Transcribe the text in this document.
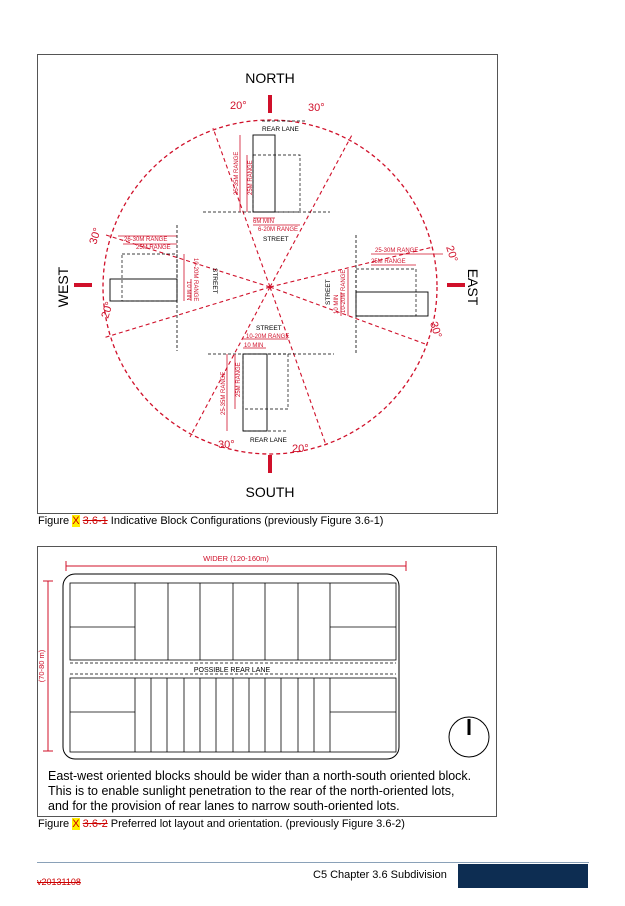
NORTH
SOUTH
WEST	EAST
20°	30°
30°
20°
20°
30°
30°	20°
REAR LANE
25-35M RANGE 25M RANGE
6M MIN
6-20M RANGE
STREET
26-30M RANGE
25M RANGE
10-20M RANGE
10 MIN	STREET
25-30M RANGE
25M RANGE
10-20M RANGE
10 MIN
STREET
STREET
10-20M RANGE
10 MIN
25-35M RANGE 25M RANGE
REAR LANE
Figure X 3.6-1 Indicative Block Configurations (previously Figure 3.6-1)
WIDER (120-160m)
(70-80 m)	POSSIBLE REAR LANE
East-west oriented blocks should be wider than a north-south oriented block.
This is to enable sunlight penetration to the rear of the north-oriented lots,
and for the provision of rear lanes to narrow south-oriented lots.
Figure X 3.6-2 Preferred lot layout and orientation. (previously Figure 3.6-2)
C5 Chapter 3.6 Subdivision
v20131108
